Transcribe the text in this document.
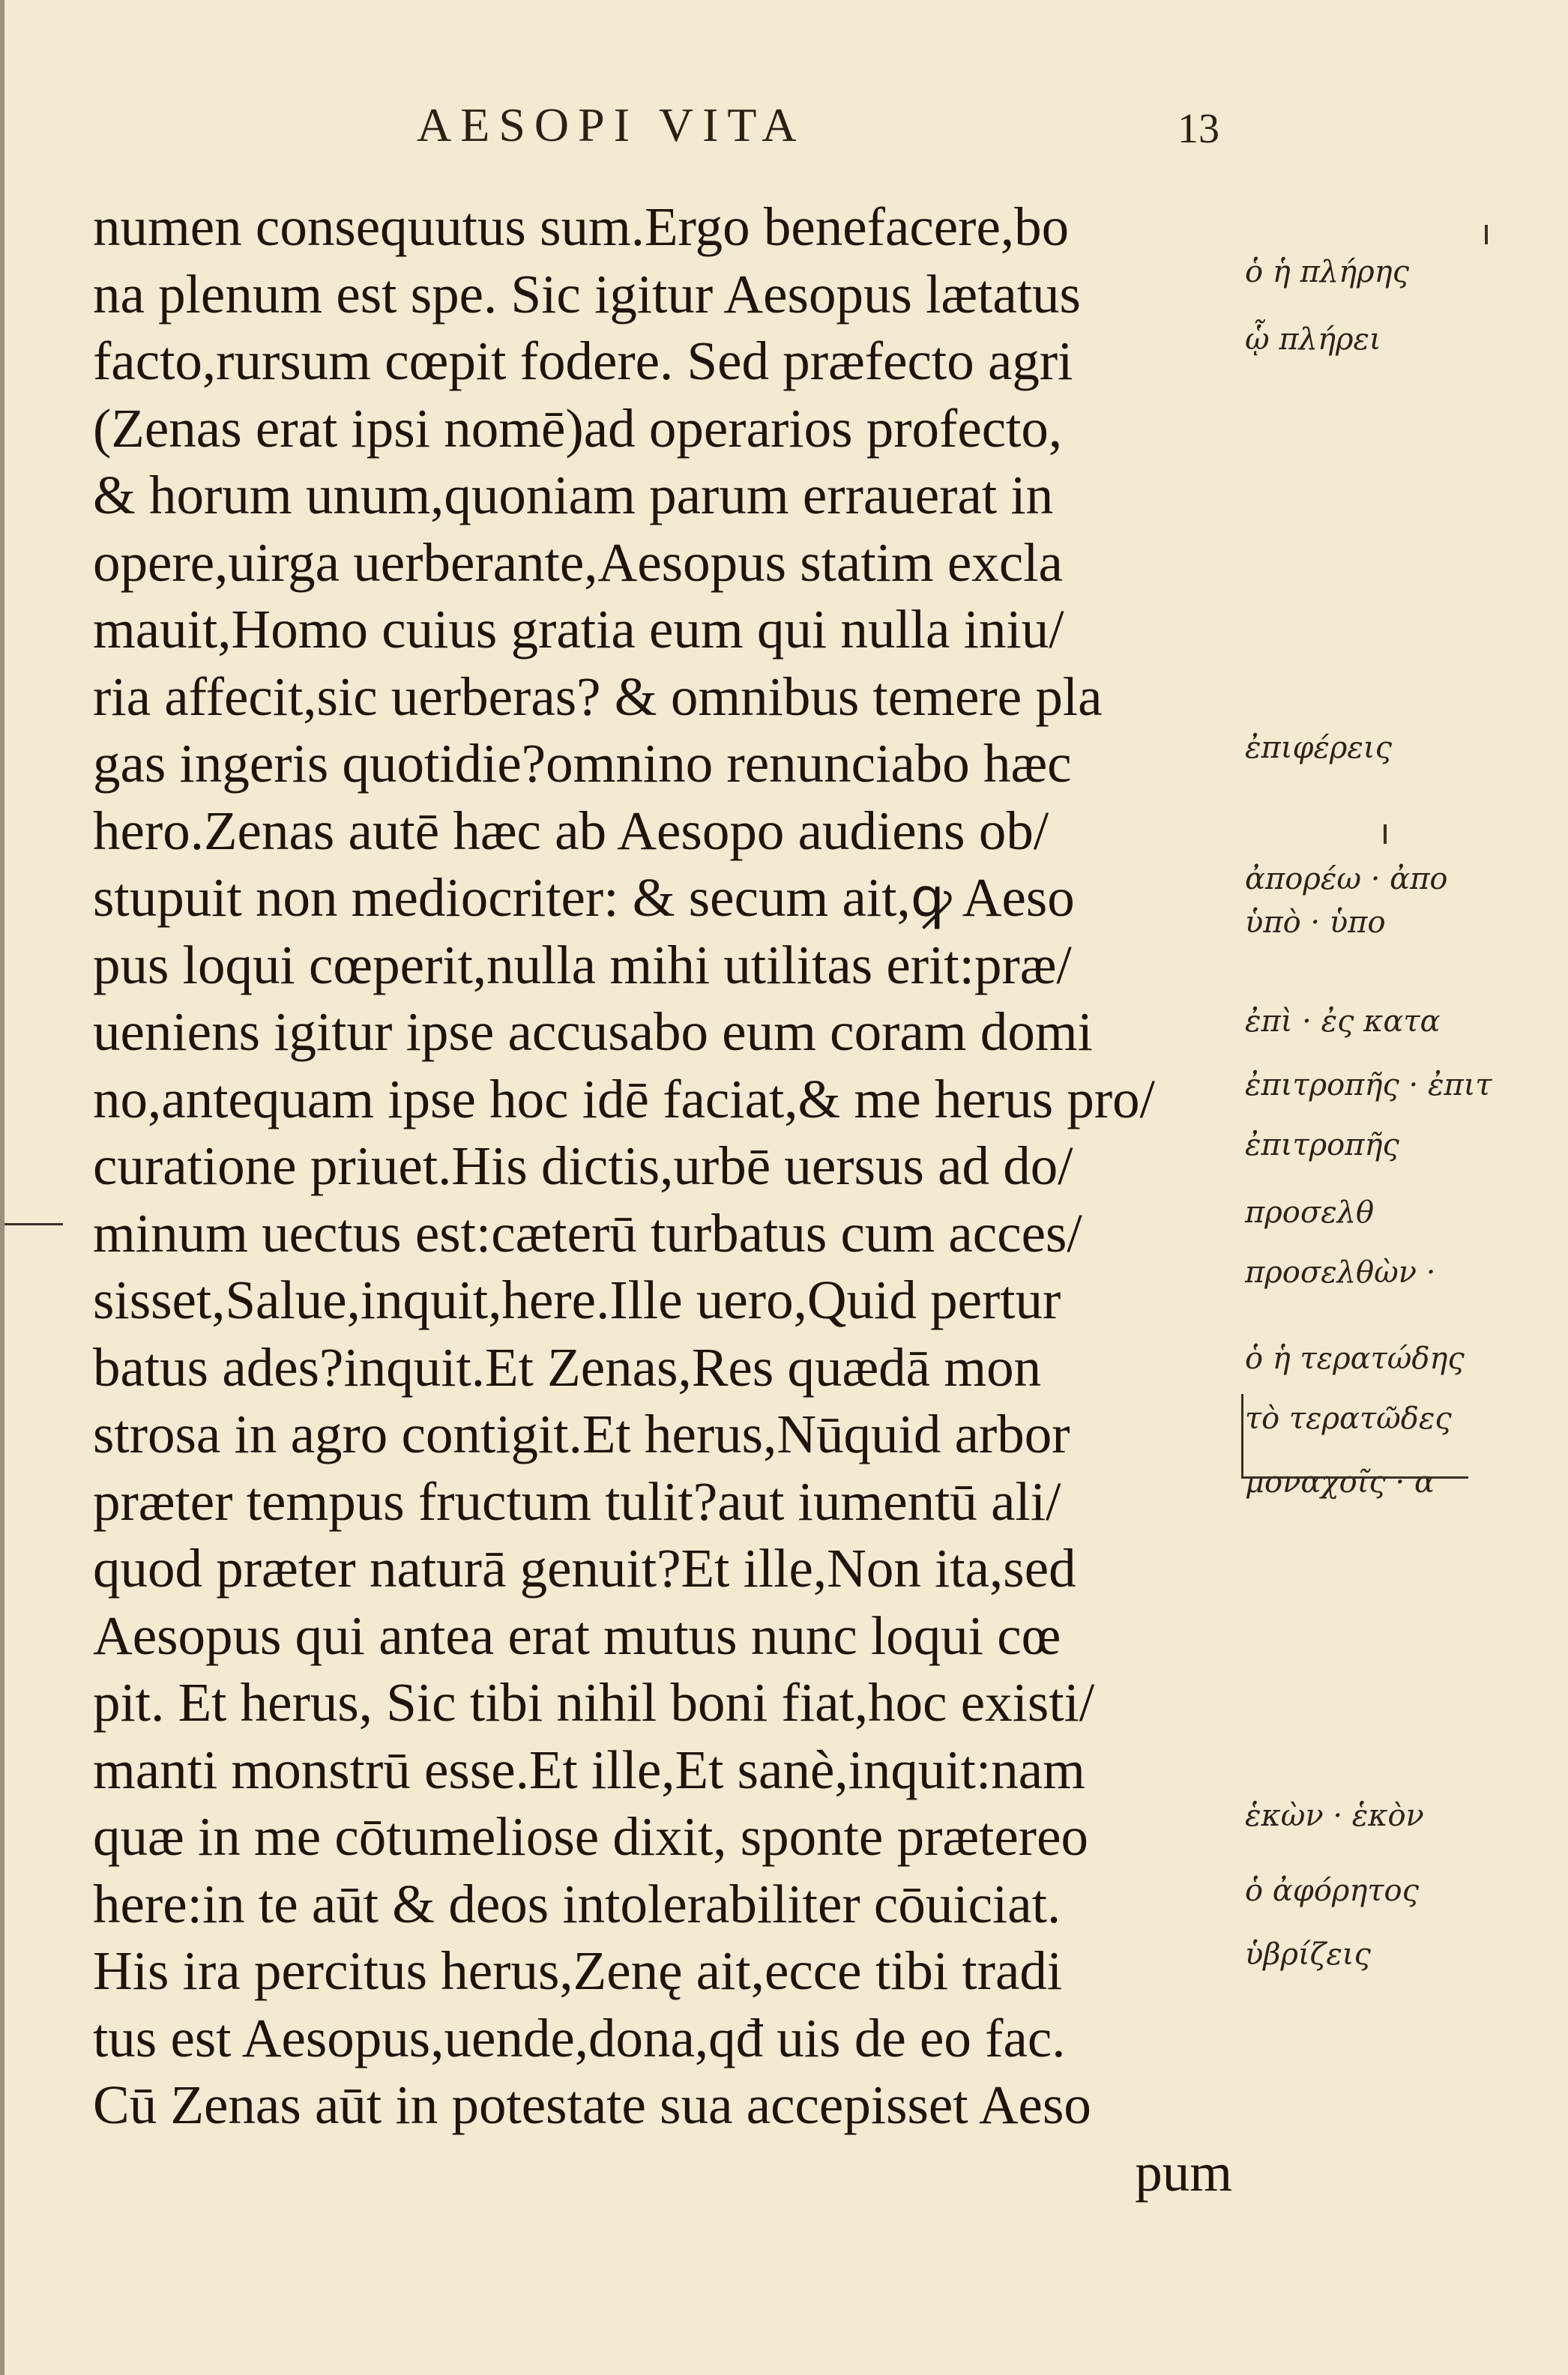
AESOPI VITA	13
numen consequutus sum.Ergo benefacere,bo
na plenum est spe. Sic igitur Aesopus lætatus
facto,rursum cœpit fodere. Sed præfecto agri
(Zenas erat ipsi nomē)ad operarios profecto,
& horum unum,quoniam parum errauerat in
opere,uirga uerberante,Aesopus statim excla
mauit,Homo cuius gratia eum qui nulla iniu/
ria affecit,sic uerberas? & omnibus temere pla
gas ingeris quotidie?omnino renunciabo hæc
hero.Zenas autē hæc ab Aesopo audiens ob/
stupuit non mediocriter: & secum ait,ꝙ Aeso
pus loqui cœperit,nulla mihi utilitas erit:præ/
ueniens igitur ipse accusabo eum coram domi
no,antequam ipse hoc idē faciat,& me herus pro/
curatione priuet.His dictis,urbē uersus ad do/
minum uectus est:cæterū turbatus cum acces/
sisset,Salue,inquit,here.Ille uero,Quid pertur
batus ades?inquit.Et Zenas,Res quædā mon
strosa in agro contigit.Et herus,Nūquid arbor
præter tempus fructum tulit?aut iumentū ali/
quod præter naturā genuit?Et ille,Non ita,sed
Aesopus qui antea erat mutus nunc loqui cœ
pit. Et herus, Sic tibi nihil boni fiat,hoc existi/
manti monstrū esse.Et ille,Et sanè,inquit:nam
quæ in me cōtumeliose dixit, sponte prætereo
here:in te aūt & deos intolerabiliter cōuiciat.
His ira percitus herus,Zenę ait,ecce tibi tradi
tus est Aesopus,uende,dona,qđ uis de eo fac.
Cū Zenas aūt in potestate sua accepisset Aeso
pum
ὁ ἡ πλήρης
ᾧ πλήρει
ἐπιφέρεις
ἀπορέω · ἀπο
ὑπὸ · ὑπο
ἐπὶ · ἐς κατα
ἐπιτροπῆς · ἐπιτ
ἐπιτροπῆς
προσελθ
προσελθὼν ·
ὁ ἡ τερατώδης
τὸ τερατῶδες
μοναχοῖς · α
ἑκὼν · ἑκὸν
ὁ ἀφόρητος
ὑβρίζεις
